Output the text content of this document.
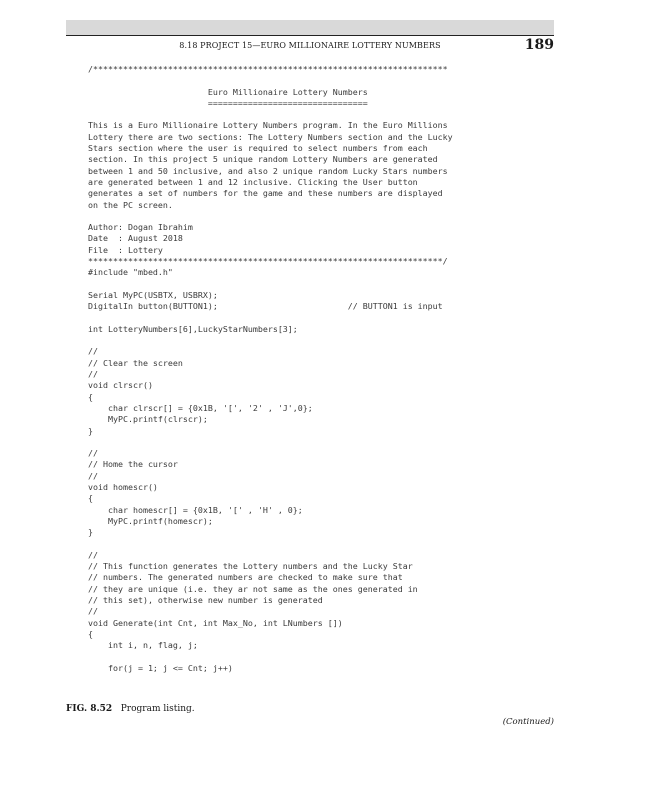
8.18 PROJECT 15—EURO MILLIONAIRE LOTTERY NUMBERS	189
/***********************************************************************
Euro Millionaire Lottery Numbers
================================
This is a Euro Millionaire Lottery Numbers program. In the Euro Millions
Lottery there are two sections: The Lottery Numbers section and the Lucky
Stars section where the user is required to select numbers from each
section. In this project 5 unique random Lottery Numbers are generated
between 1 and 50 inclusive, and also 2 unique random Lucky Stars numbers
are generated between 1 and 12 inclusive. Clicking the User button
generates a set of numbers for the game and these numbers are displayed
on the PC screen.
Author: Dogan Ibrahim
Date  : August 2018
File  : Lottery
***********************************************************************/
#include "mbed.h"
Serial MyPC(USBTX, USBRX);
DigitalIn button(BUTTON1);                          // BUTTON1 is input
int LotteryNumbers[6],LuckyStarNumbers[3];
//
// Clear the screen
//
void clrscr()
{
char clrscr[] = {0x1B, '[', '2' , 'J',0};
MyPC.printf(clrscr);
}
//
// Home the cursor
//
void homescr()
{
char homescr[] = {0x1B, '[' , 'H' , 0};
MyPC.printf(homescr);
}
//
// This function generates the Lottery numbers and the Lucky Star
// numbers. The generated numbers are checked to make sure that
// they are unique (i.e. they ar not same as the ones generated in
// this set), otherwise new number is generated
//
void Generate(int Cnt, int Max_No, int LNumbers [])
{
int i, n, flag, j;
for(j = 1; j <= Cnt; j++)
FIG. 8.52 Program listing.
(Continued)
